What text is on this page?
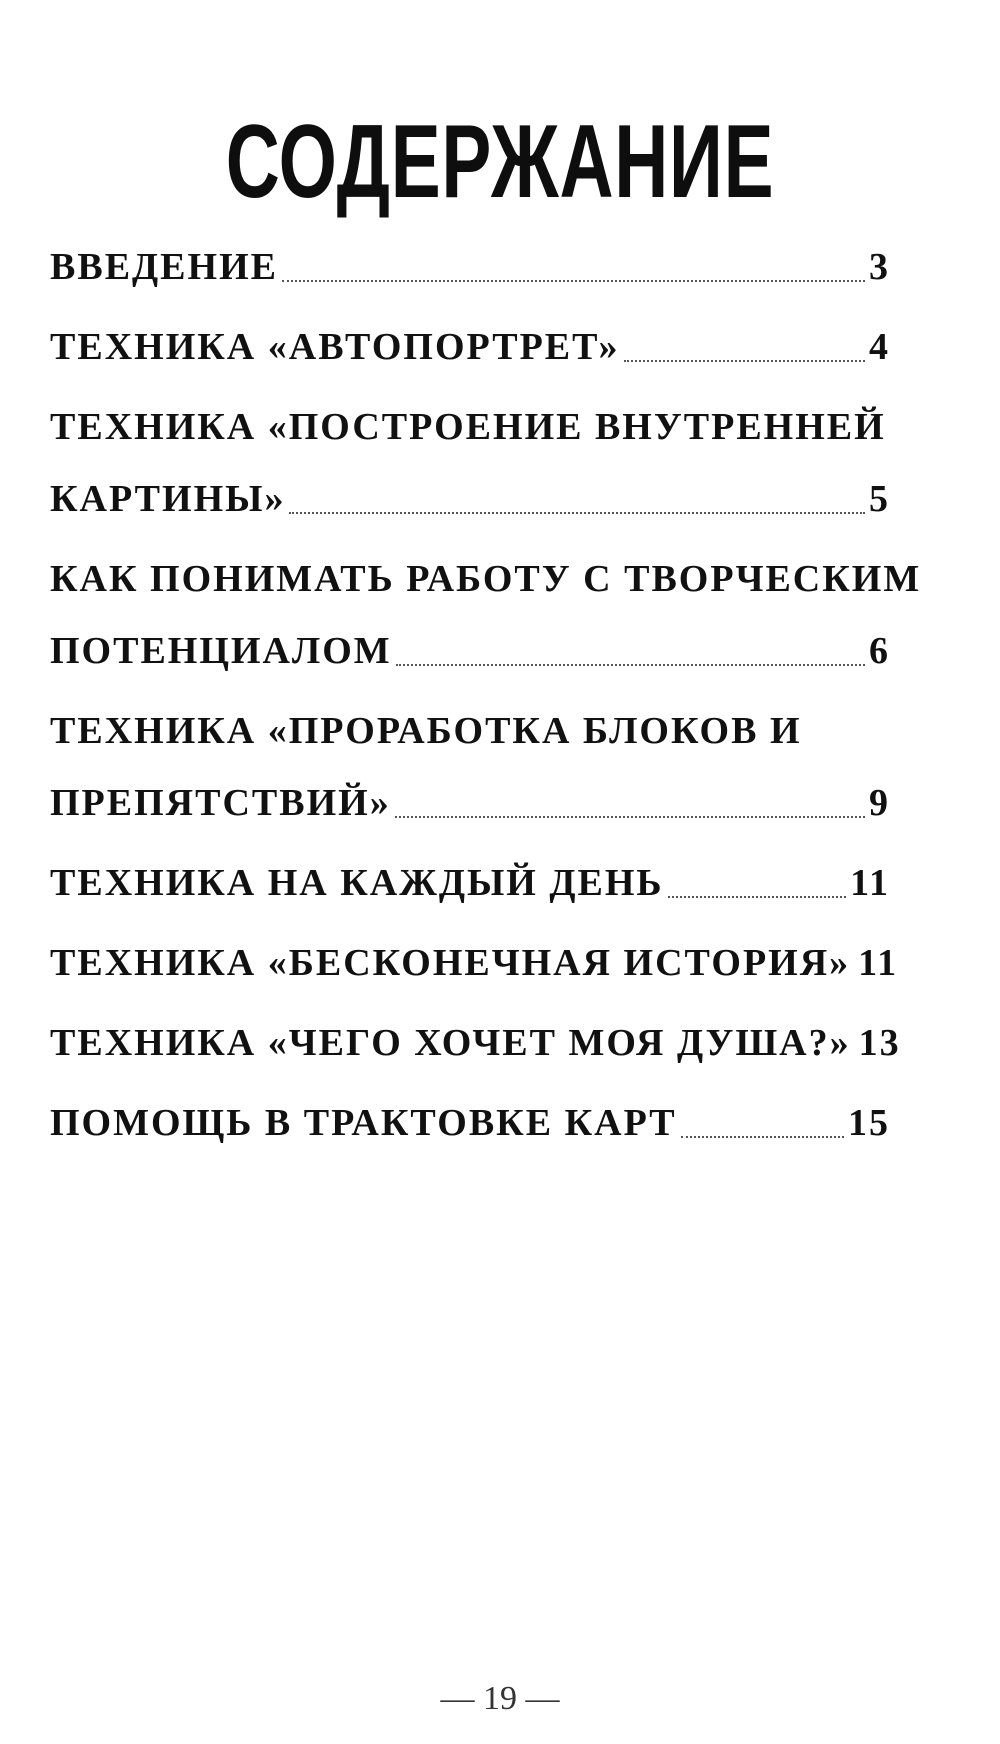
СОДЕРЖАНИЕ
ВВЕДЕНИЕ	3
ТЕХНИКА «АВТОПОРТРЕТ»	4
ТЕХНИКА «ПОСТРОЕНИЕ ВНУТРЕННЕЙ
КАРТИНЫ»	5
КАК ПОНИМАТЬ РАБОТУ С ТВОРЧЕСКИМ
ПОТЕНЦИАЛОМ	6
ТЕХНИКА «ПРОРАБОТКА БЛОКОВ И
ПРЕПЯТСТВИЙ»	9
ТЕХНИКА НА КАЖДЫЙ ДЕНЬ	11
ТЕХНИКА «БЕСКОНЕЧНАЯ ИСТОРИЯ» 11
ТЕХНИКА «ЧЕГО ХОЧЕТ МОЯ ДУША?» 13
ПОМОЩЬ В ТРАКТОВКЕ КАРТ	15
— 19 —
